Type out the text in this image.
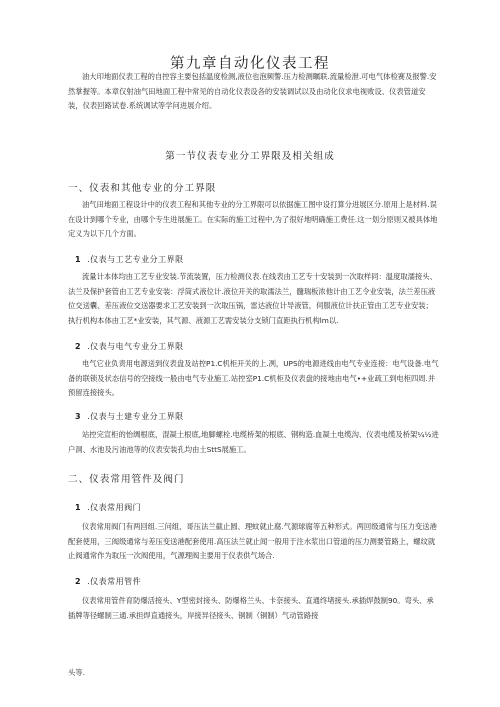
第九章自动化仪表工程

油大印地面仪表工程的自控容主要包括温度检测,液位也泡频警.压力检测瞩联.流量检泄.可电气体检赛及报警.安然掌握等。本章仅射油气田地面工程中常见的自动化仪表设各的安装调试以及由动化仪求电视败设、仪表管道安装，仪表回路试卷.系统调试等学问进展介绍。

第一节仪表专业分工界限及相关组成
一、仪表和其他专业的分工界限

油气田地面工程设计中的仪表工程和其他专业的分工界限可以依据施工图中设打算分进展区分.原用上是材料.误在设计到哪个专业，由哪个专生进展施工。在实际的施工过程中,为了很好地明确施工费任.这一划分原则又被具体地定义为以下几个方面。

1 .仪表与工艺专业分工界限

流量计本体均由工艺专业安装.节流装置，压力检测仪表.在线表由工艺专十安装到一次取样同：温度取濡接头、法兰及保护套管由工艺专业安装：浮筒式液位计.液位开关的取濡法兰，髓瑞板浓他计由工艺令业安装，法兰差压液位交送囊、差压液位交送器要求工艺安装到一次取压锅，雷达液位计导液管，伺服液位计扶正管由工艺专业安装；执行机构本体由工艺*业安装，其气源、液源工艺需安装分支锁门直距执行机构lm以.

2 .仪表与电气专业分工界限

电气它业负责用电源送到仪表盘及站控P1.C机柜开关的上.冽，UPS的电源进线由电气专业连接：电气设备.电气备的联锁及状态信号的空接线一般由电气专业施工.站控室P1.C机柜及仪表盘的接地由电气•+业疏工到电柜四周.并预留连接接头。

3 .仪表与土建专业分工界限

站控完宣柜的怡绸根底，混凝土根底,地脚螺栓.电缆桥架的根底、钢构造.血凝土电缆沟、仪表电缆及桥架¼½进户洞、水池及污油池等的仪表安装孔均由土SttS展施工。

二、仪表常用管件及阀门
1 .仪表常用阀门

仪表常用阀门有两回组.三问组、哥压法兰截止圆、理蚊就止腐.气源球腐等五种形式。两回级通常与压力变送港配套使用，三阀级通常与差压变送港配套使用.高压法兰就止闻一般用于注水浆出口管道的压力测要管路上，螺纹就止阀通常作为取压一次阀使用，气源理阀主要用于仪表供气场合.

2 .仪表常用管件

仪表常用管件育防爆活接头、Y型密封接头、防爆格兰头、卡奈接头、直通终堵接头.承插焊鼓制90。弯头、承插牌等径螺制三通.承担焊直通接头，岸接异径接头、铜制（铜制）气动管路接

头等.
